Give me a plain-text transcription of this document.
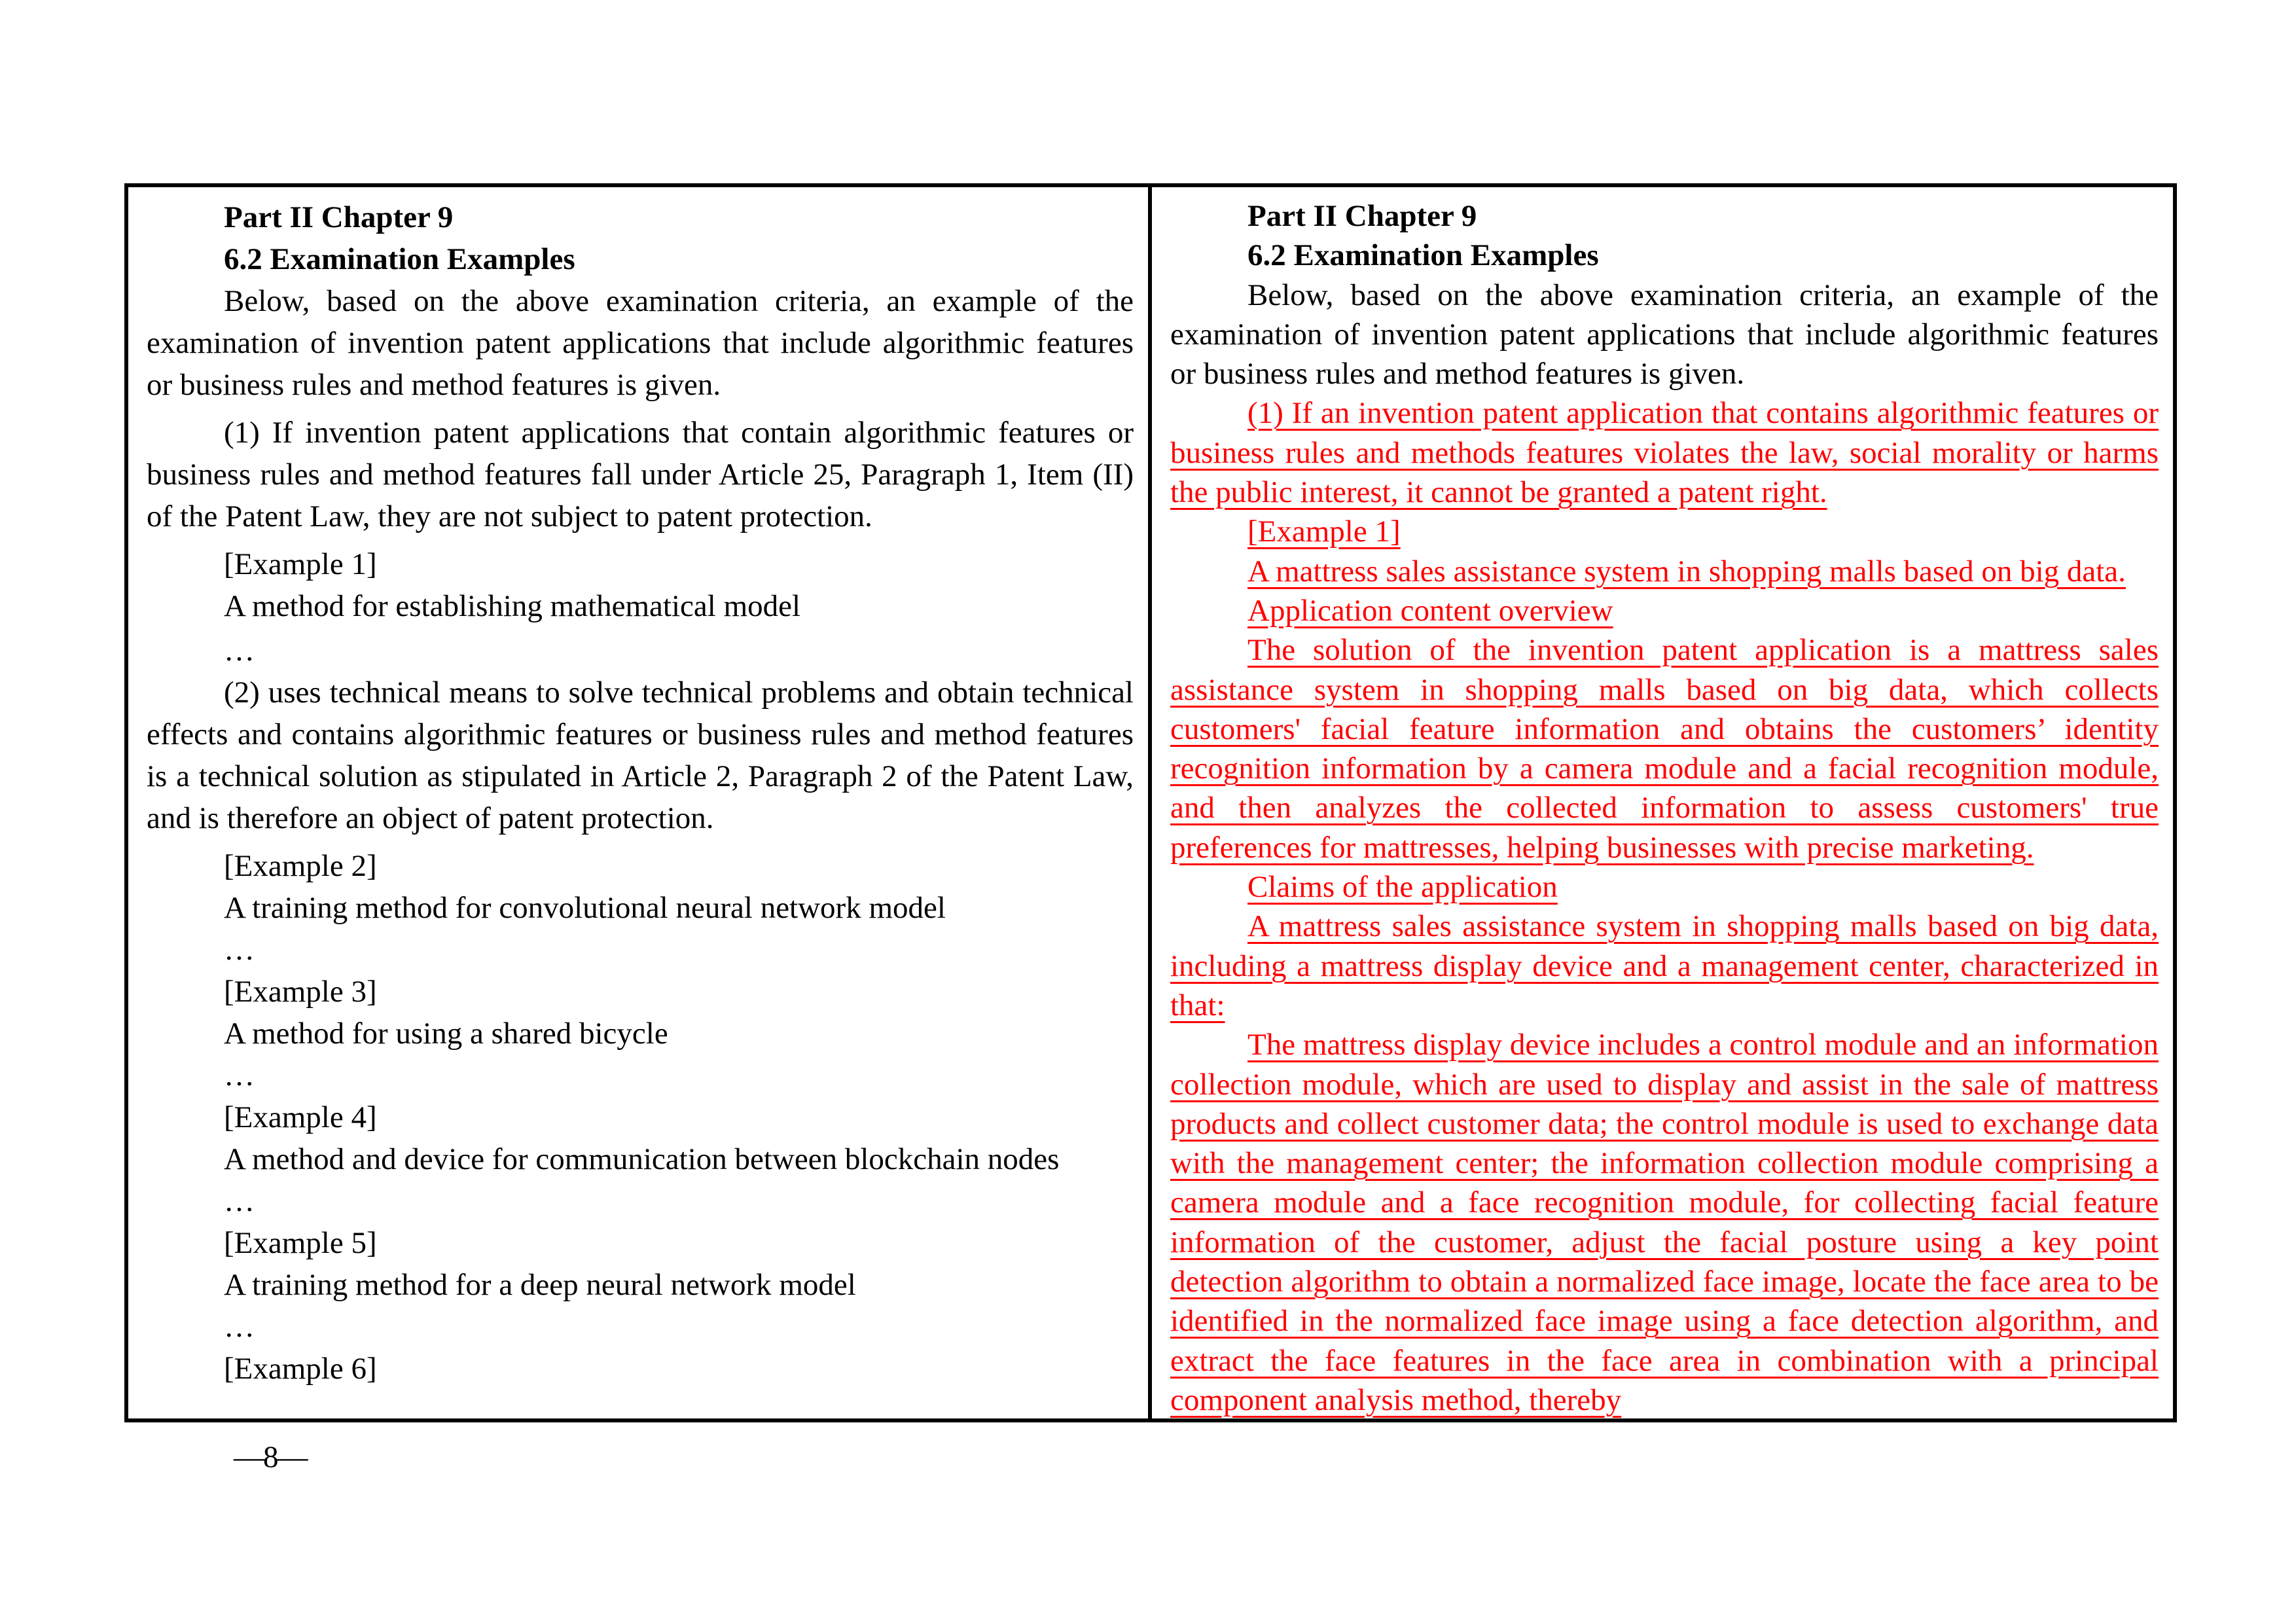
Part II Chapter 9

6.2 Examination Examples

Below, based on the above examination criteria, an example of the examination of invention patent applications that include algorithmic features or business rules and method features is given.

(1) If invention patent applications that contain algorithmic features or business rules and method features fall under Article 25, Paragraph 1, Item (II) of the Patent Law, they are not subject to patent protection.

[Example 1]

A method for establishing mathematical model

…

(2) uses technical means to solve technical problems and obtain technical effects and contains algorithmic features or business rules and method features is a technical solution as stipulated in Article 2, Paragraph 2 of the Patent Law, and is therefore an object of patent protection.

[Example 2]

A training method for convolutional neural network model

…

[Example 3]

A method for using a shared bicycle

…

[Example 4]

A method and device for communication between blockchain nodes

…

[Example 5]

A training method for a deep neural network model

…

[Example 6]

Part II Chapter 9

6.2 Examination Examples

Below, based on the above examination criteria, an example of the examination of invention patent applications that include algorithmic features or business rules and method features is given.

(1) If an invention patent application that contains algorithmic features or business rules and methods features violates the law, social morality or harms the public interest, it cannot be granted a patent right.

[Example 1]

A mattress sales assistance system in shopping malls based on big data.

Application content overview

The solution of the invention patent application is a mattress sales assistance system in shopping malls based on big data, which collects customers' facial feature information and obtains the customers’ identity recognition information by a camera module and a facial recognition module, and then analyzes the collected information to assess customers' true preferences for mattresses, helping businesses with precise marketing.

Claims of the application

A mattress sales assistance system in shopping malls based on big data, including a mattress display device and a management center, characterized in that:

The mattress display device includes a control module and an information collection module, which are used to display and assist in the sale of mattress products and collect customer data; the control module is used to exchange data with the management center; the information collection module comprising a camera module and a face recognition module, for collecting facial feature information of the customer, adjust the facial posture using a key point detection algorithm to obtain a normalized face image, locate the face area to be identified in the normalized face image using a face detection algorithm, and extract the face features in the face area in combination with a principal component analysis method, thereby

—8—
